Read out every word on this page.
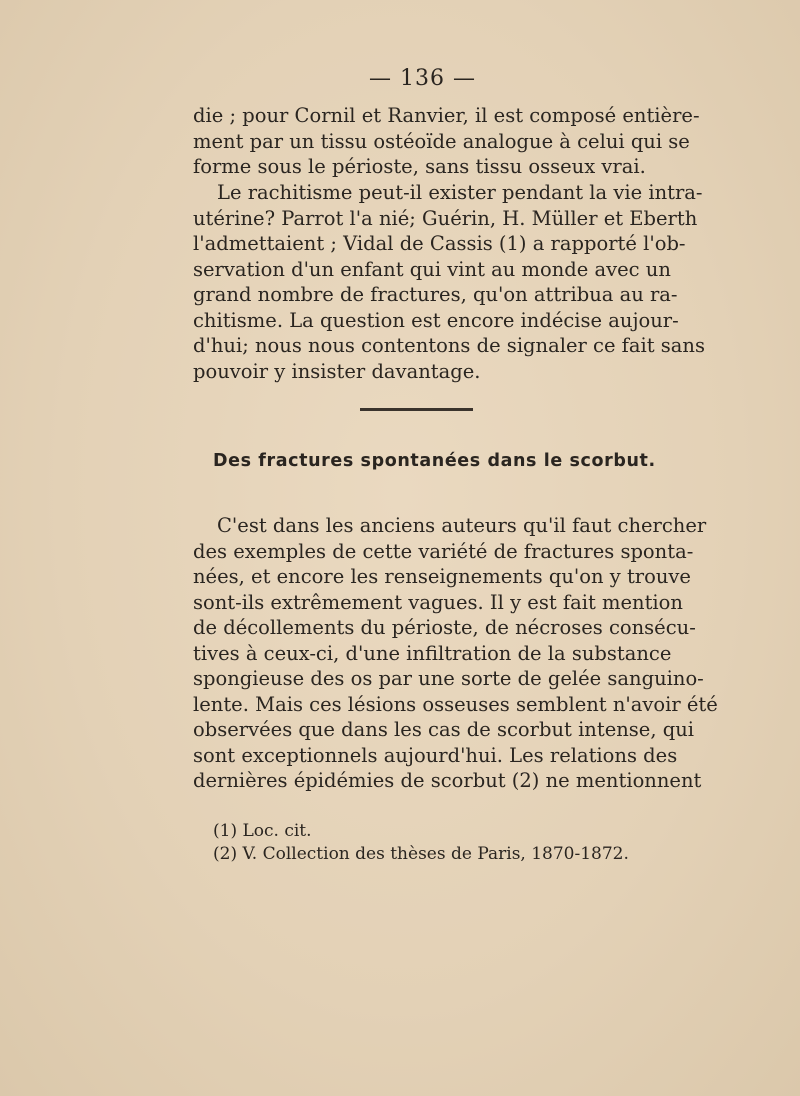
— 136 —
die ; pour Cornil et Ranvier, il est composé entière-
ment par un tissu ostéoïde analogue à celui qui se
forme sous le périoste, sans tissu osseux vrai.
Le rachitisme peut-il exister pendant la vie intra-
utérine? Parrot l'a nié; Guérin, H. Müller et Eberth
l'admettaient ; Vidal de Cassis (1) a rapporté l'ob-
servation d'un enfant qui vint au monde avec un
grand nombre de fractures, qu'on attribua au ra-
chitisme. La question est encore indécise aujour-
d'hui; nous nous contentons de signaler ce fait sans
pouvoir y insister davantage.
Des fractures spontanées dans le scorbut.
C'est dans les anciens auteurs qu'il faut chercher
des exemples de cette variété de fractures sponta-
nées, et encore les renseignements qu'on y trouve
sont-ils extrêmement vagues. Il y est fait mention
de décollements du périoste, de nécroses consécu-
tives à ceux-ci, d'une infiltration de la substance
spongieuse des os par une sorte de gelée sanguino-
lente. Mais ces lésions osseuses semblent n'avoir été
observées que dans les cas de scorbut intense, qui
sont exceptionnels aujourd'hui. Les relations des
dernières épidémies de scorbut (2) ne mentionnent
(1) Loc. cit.
(2) V. Collection des thèses de Paris, 1870-1872.
